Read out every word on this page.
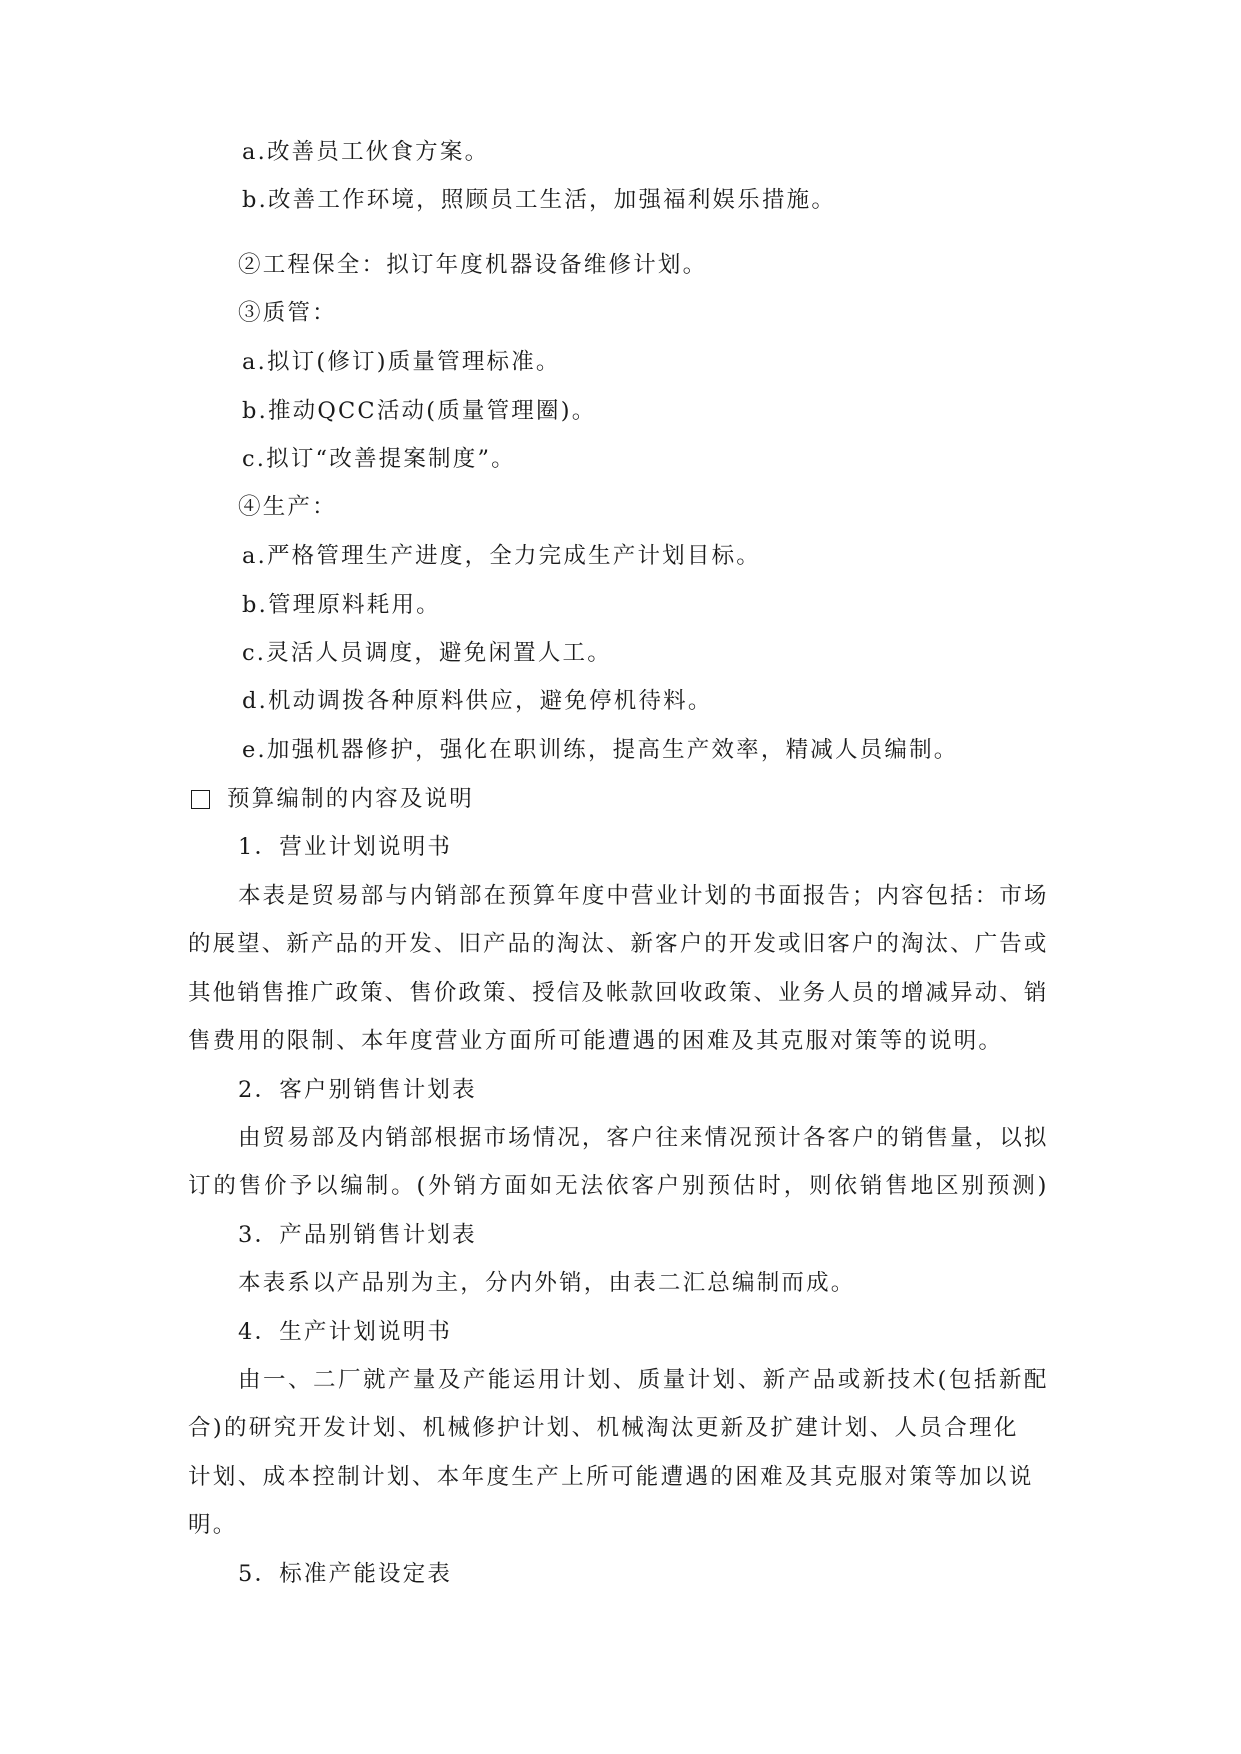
a.改善员工伙食方案。
b.改善工作环境，照顾员工生活，加强福利娱乐措施。
②工程保全：拟订年度机器设备维修计划。
③质管：
a.拟订(修订)质量管理标准。
b.推动QCC活动(质量管理圈)。
c.拟订“改善提案制度”。
④生产：
a.严格管理生产进度，全力完成生产计划目标。
b.管理原料耗用。
c.灵活人员调度，避免闲置人工。
d.机动调拨各种原料供应，避免停机待料。
e.加强机器修护，强化在职训练，提高生产效率，精减人员编制。
预算编制的内容及说明
1．营业计划说明书
本表是贸易部与内销部在预算年度中营业计划的书面报告；内容包括：市场
的展望、新产品的开发、旧产品的淘汰、新客户的开发或旧客户的淘汰、广告或
其他销售推广政策、售价政策、授信及帐款回收政策、业务人员的增减异动、销
售费用的限制、本年度营业方面所可能遭遇的困难及其克服对策等的说明。
2．客户别销售计划表
由贸易部及内销部根据市场情况，客户往来情况预计各客户的销售量，以拟
订的售价予以编制。(外销方面如无法依客户别预估时，则依销售地区别预测)
3．产品别销售计划表
本表系以产品别为主，分内外销，由表二汇总编制而成。
4．生产计划说明书
由一、二厂就产量及产能运用计划、质量计划、新产品或新技术(包括新配
合)的研究开发计划、机械修护计划、机械淘汰更新及扩建计划、人员合理化
计划、成本控制计划、本年度生产上所可能遭遇的困难及其克服对策等加以说
明。
5．标准产能设定表
